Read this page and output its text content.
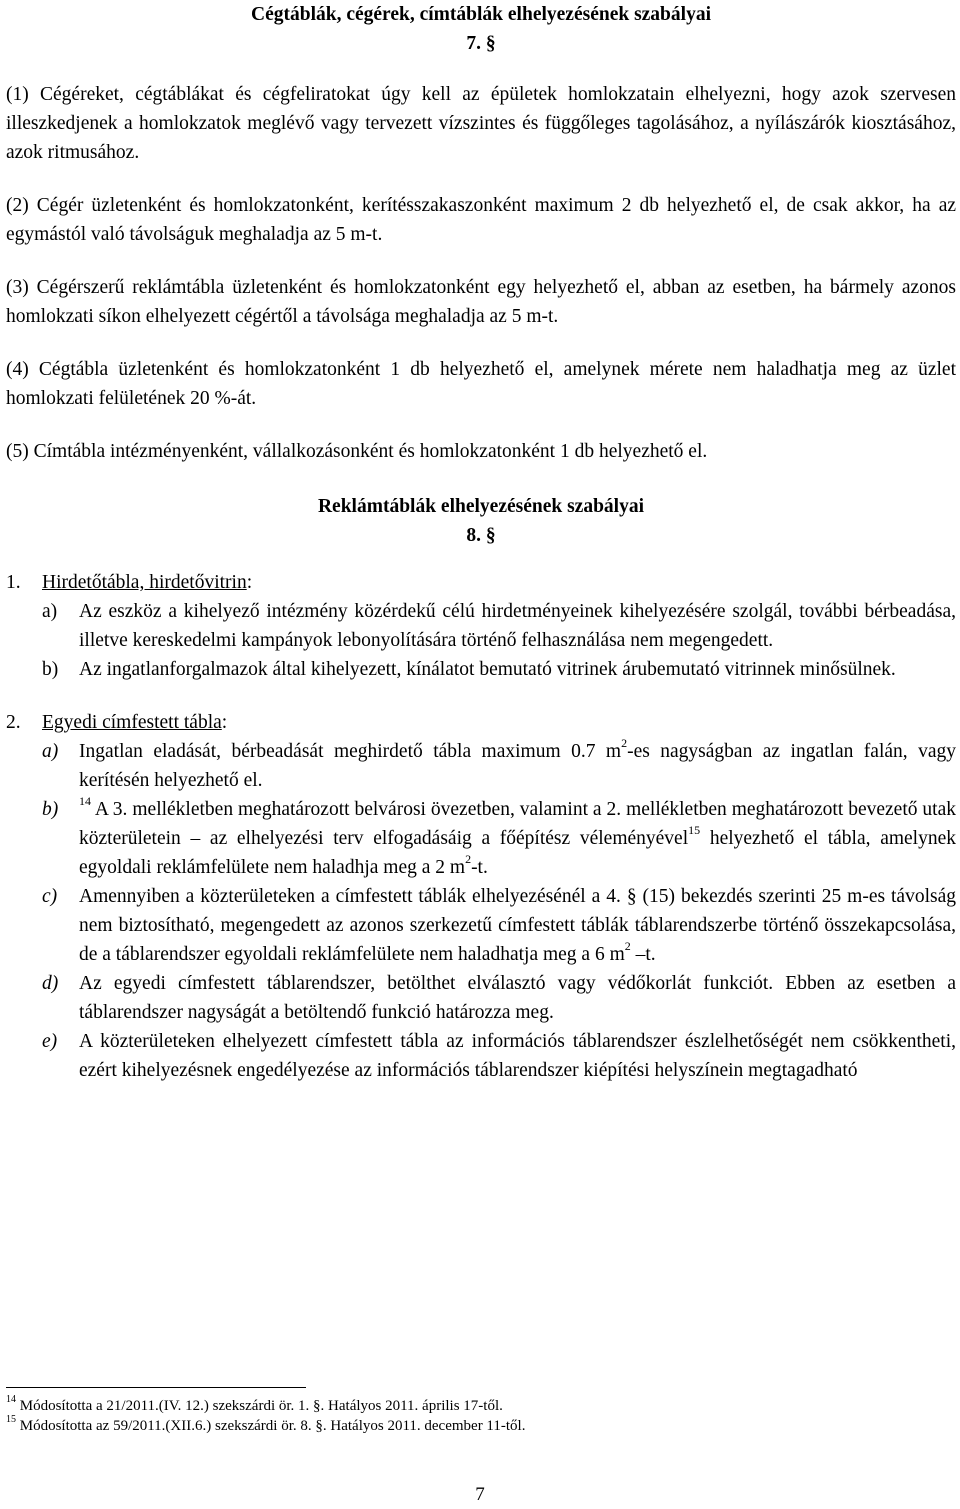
Cégtáblák, cégérek, címtáblák elhelyezésének szabályai

7. §

(1) Cégéreket, cégtáblákat és cégfeliratokat úgy kell az épületek homlokzatain elhelyezni, hogy azok szervesen illeszkedjenek a homlokzatok meglévő vagy tervezett vízszintes és függőleges tagolásához, a nyílászárók kiosztásához, azok ritmusához.

(2) Cégér üzletenként és homlokzatonként, kerítésszakaszonként maximum 2 db helyezhető el, de csak akkor, ha az egymástól való távolságuk meghaladja az 5 m-t.

(3) Cégérszerű reklámtábla üzletenként és homlokzatonként egy helyezhető el, abban az esetben, ha bármely azonos homlokzati síkon elhelyezett cégértől a távolsága meghaladja az 5 m-t.

(4) Cégtábla üzletenként és homlokzatonként 1 db helyezhető el, amelynek mérete nem haladhatja meg az üzlet homlokzati felületének 20 %-át.

(5) Címtábla intézményenként, vállalkozásonként és homlokzatonként 1 db helyezhető el.

Reklámtáblák elhelyezésének szabályai

8. §

1. Hirdetőtábla, hirdetővitrin:

a) Az eszköz a kihelyező intézmény közérdekű célú hirdetményeinek kihelyezésére szolgál, további bérbeadása, illetve kereskedelmi kampányok lebonyolítására történő felhasználása nem megengedett.

b) Az ingatlanforgalmazok által kihelyezett, kínálatot bemutató vitrinek árubemutató vitrinnek minősülnek.

2. Egyedi címfestett tábla:

a) Ingatlan eladását, bérbeadását meghirdető tábla maximum 0.7 $m^2-es$ nagyságban az ingatlan falán, vagy kerítésén helyezhető el.

b) $^{14}$ A 3. mellékletben meghatározott belvárosi övezetben, valamint a 2. mellékletben meghatározott bevezető utak közterületein – az elhelyezési terv elfogadásáig a főépítész véleményével$^{15}$ helyezhető el tábla, amelynek egyoldali reklámfelülete nem haladhja meg a 2 $m^2-t$.

c) Amennyiben a közterületeken a címfestett táblák elhelyezésénél a 4. § (15) bekezdés szerinti 25 m-es távolság nem biztosítható, megengedett az azonos szerkezetű címfestett táblák táblarendszerbe történő összekapcsolása, de a táblarendszer egyoldali reklámfelülete nem haladhatja meg a 6 $m^2$ –t.

d) Az egyedi címfestett táblarendszer, betölthet elválasztó vagy védőkorlát funkciót. Ebben az esetben a táblarendszer nagyságát a betöltendő funkció határozza meg.

e) A közterületeken elhelyezett címfestett tábla az információs táblarendszer észlelhetőségét nem csökkentheti, ezért kihelyezésnek engedélyezése az információs táblarendszer kiépítési helyszínein megtagadható

$^{14}$ Módosította a 21/2011.(IV. 12.) szekszárdi ör. 1. §. Hatályos 2011. április 17-től.
$^{15}$ Módosította az 59/2011.(XII.6.) szekszárdi ör. 8. §. Hatályos 2011. december 11-től.
7
